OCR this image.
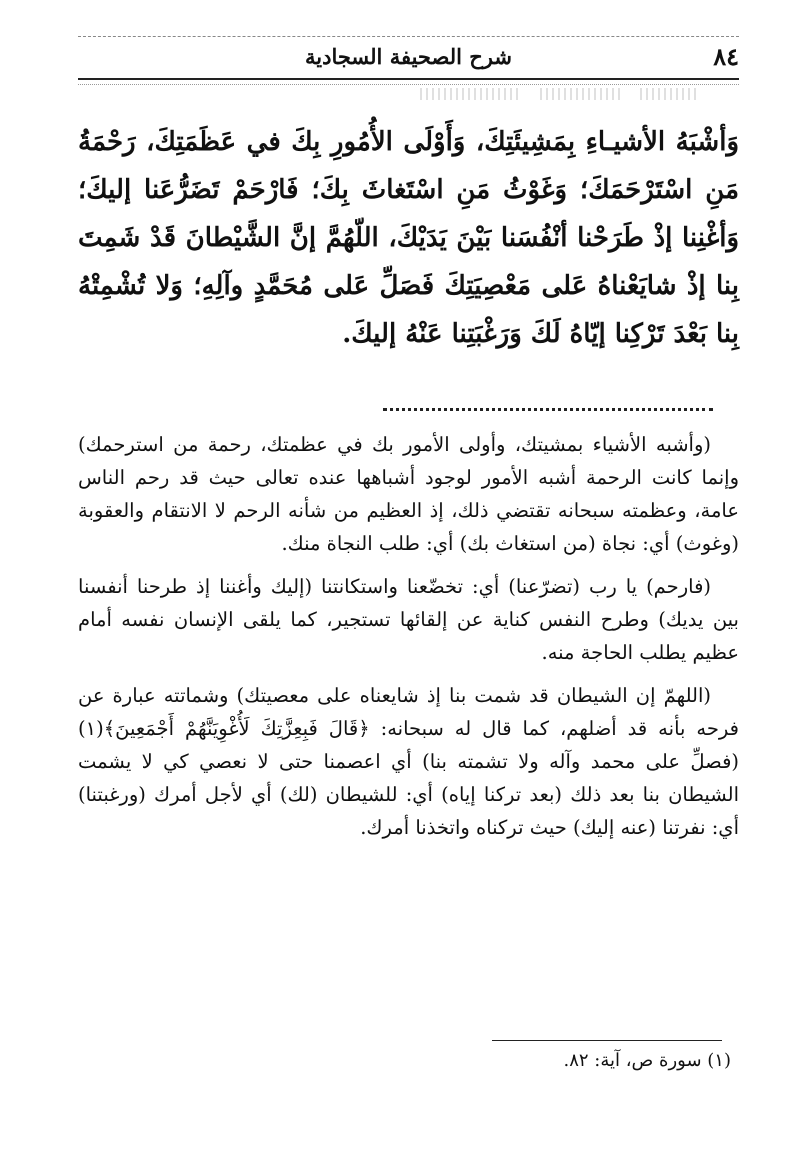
٨٤
شرح الصحيفة السجادية
وَأشْبَهُ الأشيـاءِ بِمَشِيئَتِكَ، وَأَوْلَى الأُمُورِ بِكَ في عَظَمَتِكَ، رَحْمَةُ مَنِ اسْتَرْحَمَكَ؛ وَغَوْثُ مَنِ اسْتَغاثَ بِكَ؛ فَارْحَمْ تَضَرُّعَنا إليكَ؛ وَأغْنِنا إذْ طَرَحْنا أنْفُسَنا بَيْنَ يَدَيْكَ، اللّهُمَّ إنَّ الشَّيْطانَ قَدْ شَمِتَ بِنا إذْ شايَعْناهُ عَلى مَعْصِيَتِكَ فَصَلِّ عَلى مُحَمَّدٍ وآلِهِ؛ وَلا تُشْمِتْهُ بِنا بَعْدَ تَرْكِنا إيّاهُ لَكَ وَرَغْبَتِنا عَنْهُ إليكَ.

(وأشبه الأشياء بمشيتك، وأولى الأمور بك في عظمتك، رحمة من استرحمك) وإنما كانت الرحمة أشبه الأمور لوجود أشباهها عنده تعالى حيث قد رحم الناس عامة، وعظمته سبحانه تقتضي ذلك، إذ العظيم من شأنه الرحم لا الانتقام والعقوبة (وغوث) أي: نجاة (من استغاث بك) أي: طلب النجاة منك.

(فارحم) يا رب (تضرّعنا) أي: تخضّعنا واستكانتنا (إليك وأغننا إذ طرحنا أنفسنا بين يديك) وطرح النفس كناية عن إلقائها تستجير، كما يلقى الإنسان نفسه أمام عظيم يطلب الحاجة منه.

(اللهمّ إن الشيطان قد شمت بنا إذ شايعناه على معصيتك) وشماتته عبارة عن فرحه بأنه قد أضلهم، كما قال له سبحانه: ﴿قَالَ فَبِعِزَّتِكَ لَأُغْوِيَنَّهُمْ أَجْمَعِينَ﴾(١) (فصلِّ على محمد وآله ولا تشمته بنا) أي اعصمنا حتى لا نعصي كي لا يشمت الشيطان بنا بعد ذلك (بعد تركنا إياه) أي: للشيطان (لك) أي لأجل أمرك (ورغبتنا) أي: نفرتنا (عنه إليك) حيث تركناه واتخذنا أمرك.

(١) سورة ص، آية: ٨٢.
